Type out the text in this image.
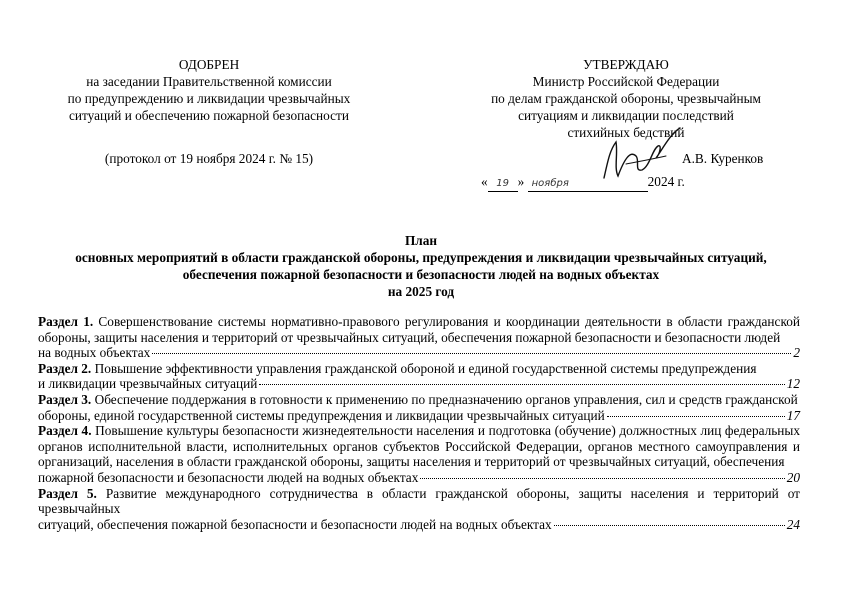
ОДОБРЕН
на заседании Правительственной комиссии
по предупреждению и ликвидации чрезвычайных
ситуаций и обеспечению пожарной безопасности
(протокол от 19 ноября 2024 г. № 15)
УТВЕРЖДАЮ
Министр Российской Федерации
по делам гражданской обороны, чрезвычайным
ситуациям и ликвидации последствий
стихийных бедствий
А.В. Куренков
« 19 » ноября	2024 г.
План
основных мероприятий в области гражданской обороны, предупреждения и ликвидации чрезвычайных ситуаций,
обеспечения пожарной безопасности и безопасности людей на водных объектах
на 2025 год
Раздел 1. Совершенствование системы нормативно-правового регулирования и координации деятельности в области гражданской обороны, защиты населения и территорий от чрезвычайных ситуаций, обеспечения пожарной безопасности и безопасности людей
на водных объектах	2
Раздел 2. Повышение эффективности управления гражданской обороной и единой государственной системы предупреждения
и ликвидации чрезвычайных ситуаций	12
Раздел 3. Обеспечение поддержания в готовности к применению по предназначению органов управления, сил и средств гражданской
обороны, единой государственной системы предупреждения и ликвидации чрезвычайных ситуаций	17
Раздел 4. Повышение культуры безопасности жизнедеятельности населения и подготовка (обучение) должностных лиц федеральных органов исполнительной власти, исполнительных органов субъектов Российской Федерации, органов местного самоуправления и организаций, населения в области гражданской обороны, защиты населения и территорий от чрезвычайных ситуаций, обеспечения
пожарной безопасности и безопасности людей на водных объектах	20
Раздел 5. Развитие международного сотрудничества в области гражданской обороны, защиты населения и территорий от чрезвычайных
ситуаций, обеспечения пожарной безопасности и безопасности людей на водных объектах	24
